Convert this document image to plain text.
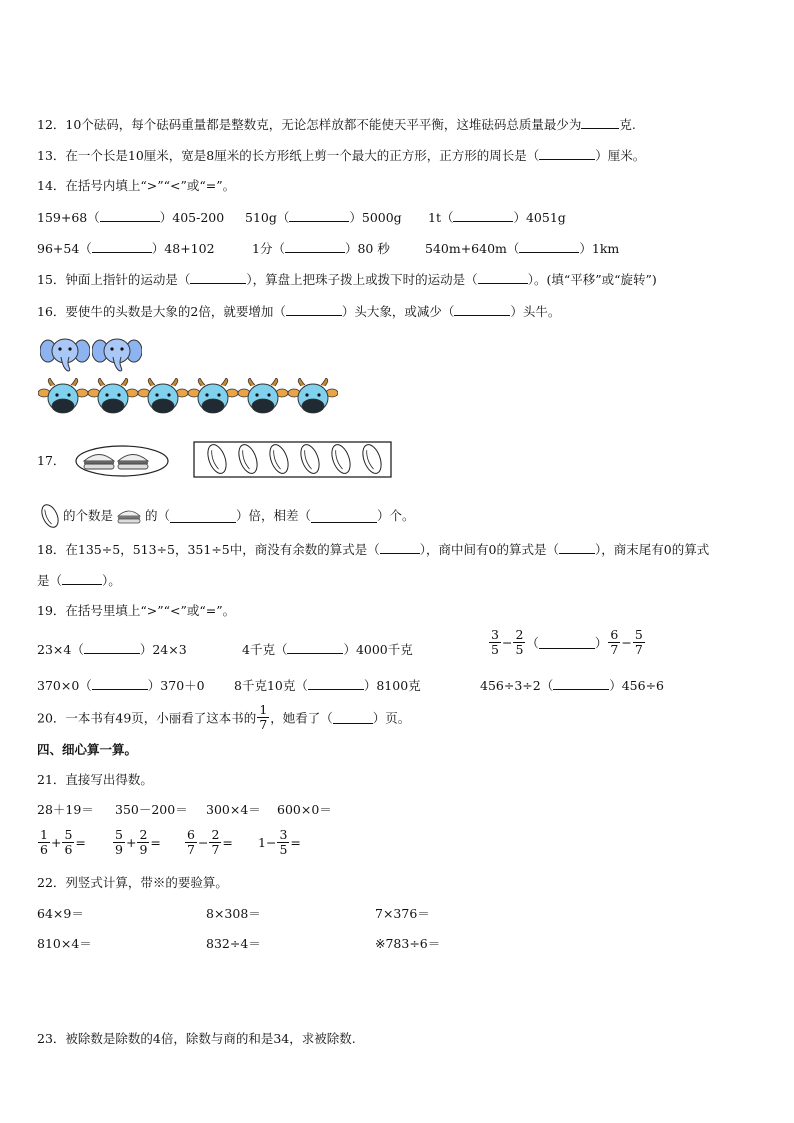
12．10个砝码，每个砝码重量都是整数克，无论怎样放都不能使天平平衡，这堆砝码总质量最少为	克.
13．在一个长是10厘米，宽是8厘米的长方形纸上剪一个最大的正方形，正方形的周长是（	）厘米。
14．在括号内填上“>”“<”或“=”。
159+68（	）405-200 510g（	）5000g 1t（	）4051g
96+54（	）48+102	1分（	）80 秒	540m+640m（	）1km
15．钟面上指针的运动是（	），算盘上把珠子拨上或拨下时的运动是（	）。(填“平移”或“旋转”)
16．要使牛的头数是大象的2倍，就要增加（	）头大象，或减少（	）头牛。
17．
的个数是	的（	）倍，相差（	）个。
18．在135÷5，513÷5，351÷5中，商没有余数的算式是（	），商中间有0的算式是（	），商末尾有0的算式
是（	）。
19．在括号里填上“>”“<”或“=”。
23×4（	）24×3	4千克（	）4000千克	$\frac{3}{5} - \frac{2}{5}$ （	） $\frac{6}{7} - \frac{5}{7}$
370×0（	）370＋0 8千克10克（	）8100克	456÷3÷2（	）456÷6
20．一本书有49页，小丽看了这本书的 $\frac{1}{7}$ ，她看了（	）页。
四、细心算一算。
21．直接写出得数。
28＋19＝ 350－200＝ 300×4＝ 600×0＝
$\frac{1}{6} + \frac{5}{6} = \frac{5}{9} + \frac{2}{9} = \frac{6}{7} - \frac{2}{7} = 1- \frac{3}{5}$ =
22．列竖式计算，带※的要验算。
64×9＝	8×308＝	7×376＝
810×4＝	832÷4＝	※783÷6＝
23．被除数是除数的4倍，除数与商的和是34，求被除数.
